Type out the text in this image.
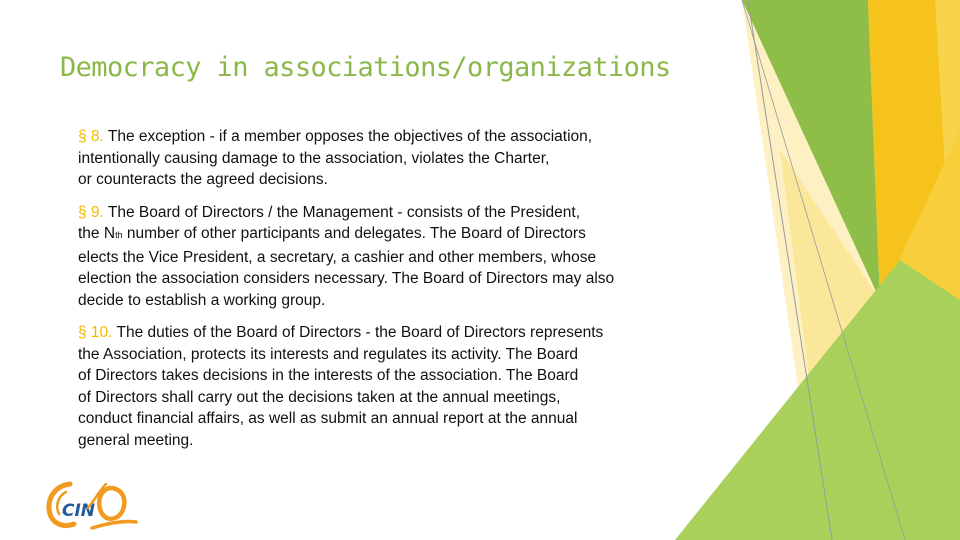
Democracy in associations/organizations

§ 8. The exception - if a member opposes the objectives of the association,
intentionally causing damage to the association, violates the Charter,
or counteracts the agreed decisions.

§ 9. The Board of Directors / the Management - consists of the President,
the Nth number of other participants and delegates. The Board of Directors
elects the Vice President, a secretary, a cashier and other members, whose
election the association considers necessary. The Board of Directors may also
decide to establish a working group.

§ 10. The duties of the Board of Directors - the Board of Directors represents
the Association, protects its interests and regulates its activity. The Board
of Directors takes decisions in the interests of the association. The Board
of Directors shall carry out the decisions taken at the annual meetings,
conduct financial affairs, as well as submit an annual report at the annual
general meeting.

CIN
